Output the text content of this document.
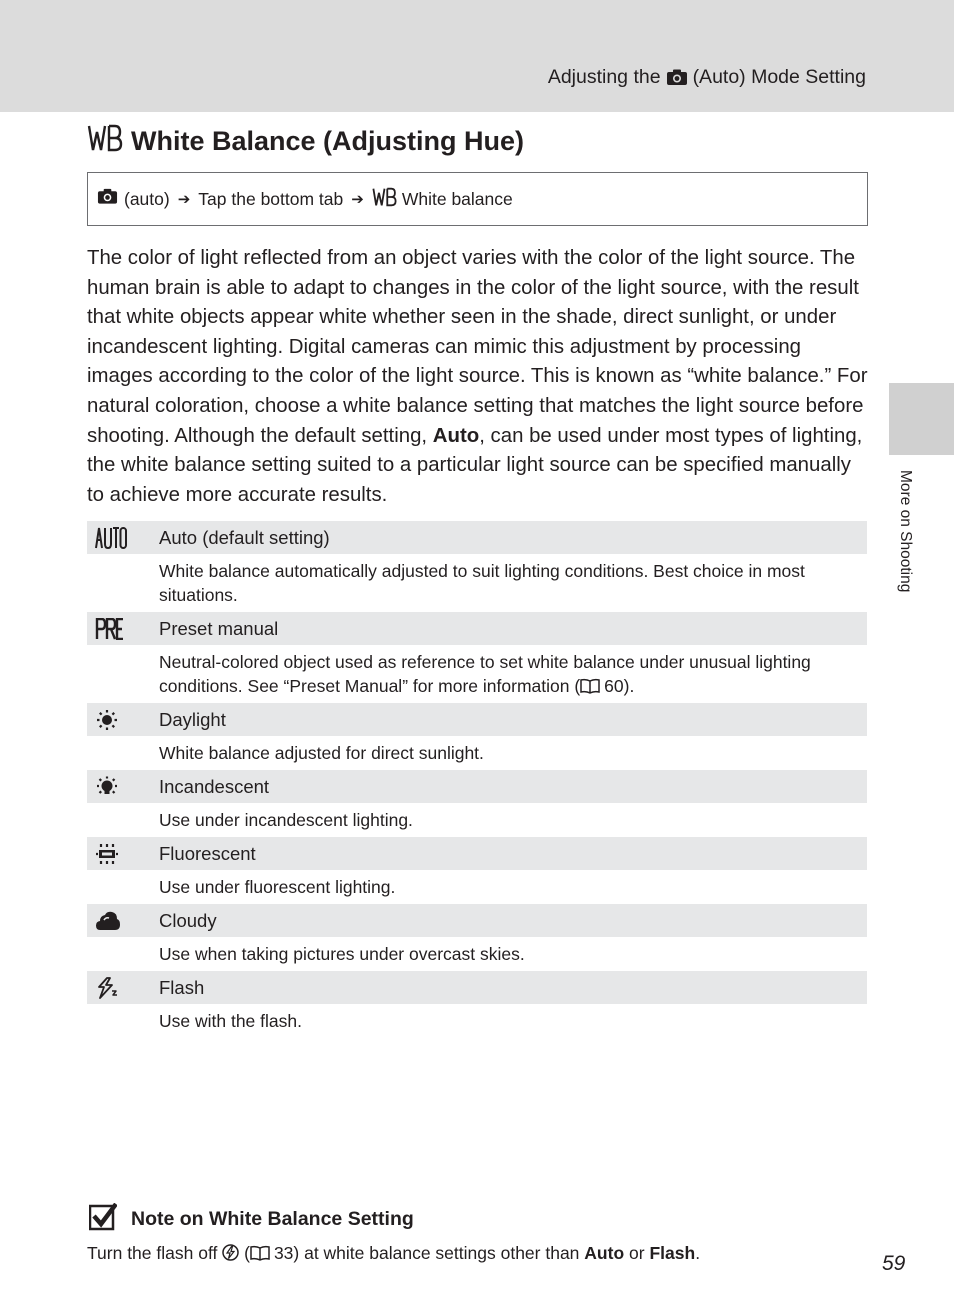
Adjusting the (Auto) Mode Setting
White Balance (Adjusting Hue)
(auto) ➔ Tap the bottom tab ➔ White balance

The color of light reflected from an object varies with the color of the light source. The human brain is able to adapt to changes in the color of the light source, with the result that white objects appear white whether seen in the shade, direct sunlight, or under incandescent lighting. Digital cameras can mimic this adjustment by processing images according to the color of the light source. This is known as “white balance.” For natural coloration, choose a white balance setting that matches the light source before shooting. Although the default setting, Auto, can be used under most types of lighting, the white balance setting suited to a particular light source can be specified manually to achieve more accurate results.

Auto (default setting)
White balance automatically adjusted to suit lighting conditions. Best choice in most situations.
Preset manual
Neutral-colored object used as reference to set white balance under unusual lighting conditions. See “Preset Manual” for more information ( 60).
Daylight
White balance adjusted for direct sunlight.
Incandescent
Use under incandescent lighting.
Fluorescent
Use under fluorescent lighting.
Cloudy
Use when taking pictures under overcast skies.
Flash
Use with the flash.
Note on White Balance Setting
Turn the flash off  ( 33) at white balance settings other than Auto or Flash.	59
More on Shooting
